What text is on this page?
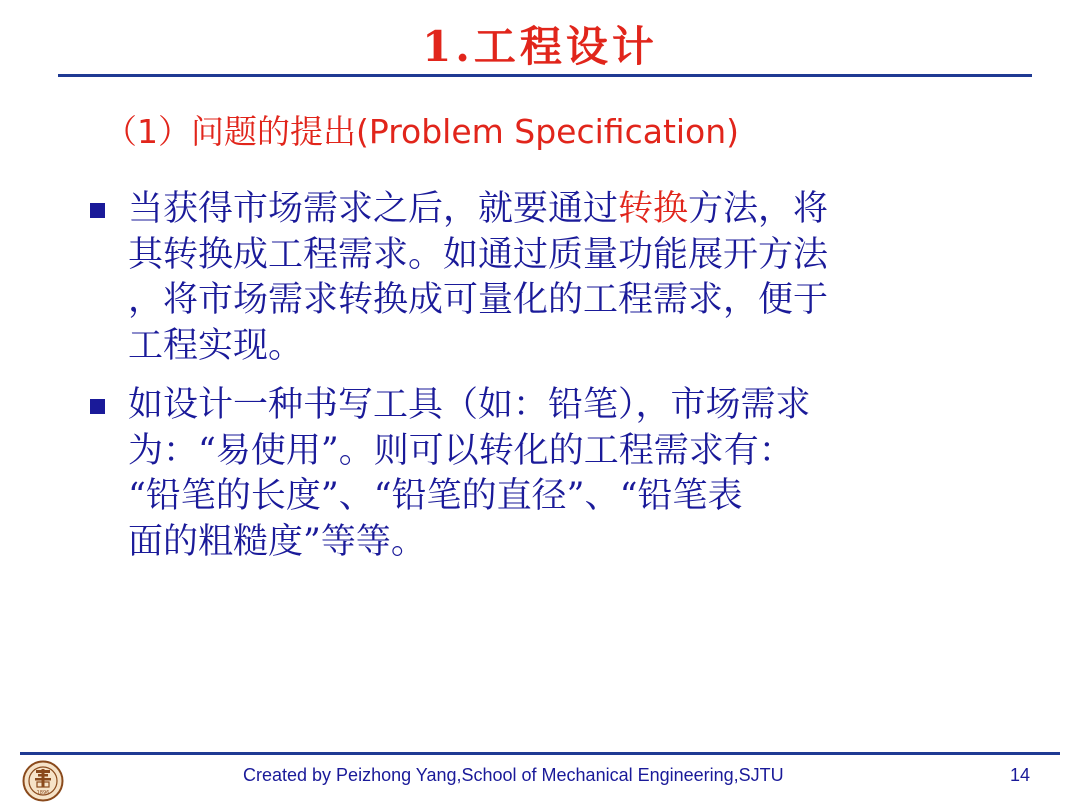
1.工程设计
（1）问题的提出(Problem Specification)
当获得市场需求之后，就要通过转换方法，将
其转换成工程需求。如通过质量功能展开方法
，将市场需求转换成可量化的工程需求，便于
工程实现。
如设计一种书写工具（如：铅笔），市场需求
为：“易使用”。则可以转化的工程需求有：
“铅笔的长度”、“铅笔的直径”、“铅笔表
面的粗糙度”等等。
1896
Created by Peizhong Yang,School of Mechanical Engineering,SJTU	14
